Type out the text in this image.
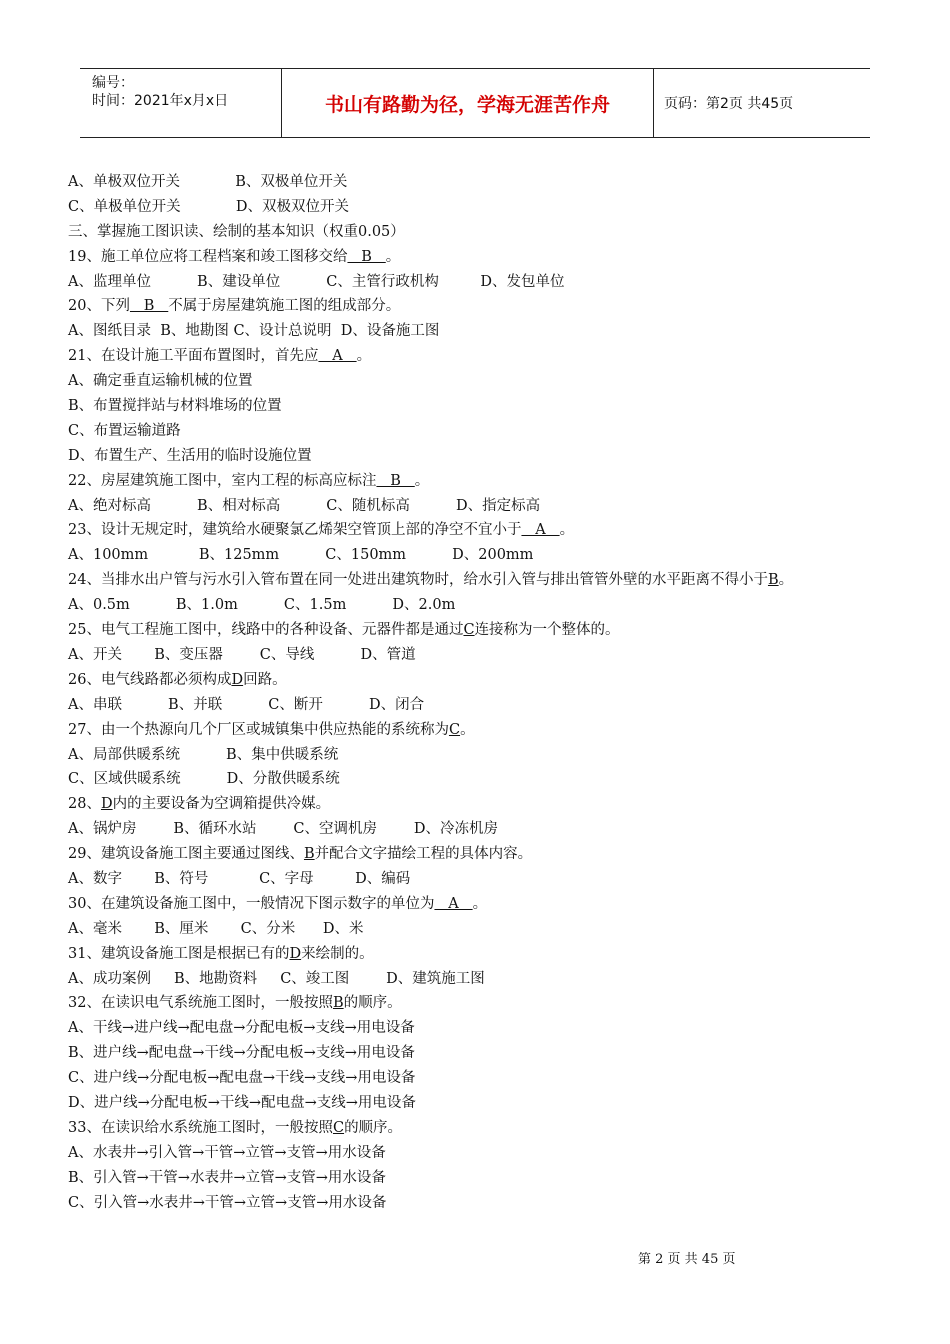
编号：
时间：2021年x月x日	书山有路勤为径，学海无涯苦作舟	页码：第2页 共45页
A、单极双位开关            B、双极单位开关
C、单极单位开关            D、双极双位开关
三、掌握施工图识读、绘制的基本知识（权重0.05）
19、施工单位应将工程档案和竣工图移交给   B   。
A、监理单位          B、建设单位          C、主管行政机构         D、发包单位
20、下列   B   不属于房屋建筑施工图的组成部分。
A、图纸目录  B、地勘图 C、设计总说明  D、设备施工图
21、在设计施工平面布置图时，首先应   A   。
A、确定垂直运输机械的位置
B、布置搅拌站与材料堆场的位置
C、布置运输道路
D、布置生产、生活用的临时设施位置
22、房屋建筑施工图中，室内工程的标高应标注   B   。
A、绝对标高          B、相对标高          C、随机标高          D、指定标高
23、设计无规定时，建筑给水硬聚氯乙烯架空管顶上部的净空不宜小于   A   。
A、100mm           B、125mm          C、150mm          D、200mm
24、当排水出户管与污水引入管布置在同一处进出建筑物时，给水引入管与排出管管外壁的水平距离不得小于B。
A、0.5m          B、1.0m          C、1.5m          D、2.0m
25、电气工程施工图中，线路中的各种设备、元器件都是通过C连接称为一个整体的。
A、开关       B、变压器        C、导线          D、管道
26、电气线路都必须构成D回路。
A、串联          B、并联          C、断开          D、闭合
27、由一个热源向几个厂区或城镇集中供应热能的系统称为C。
A、局部供暖系统          B、集中供暖系统
C、区域供暖系统          D、分散供暖系统
28、D内的主要设备为空调箱提供冷媒。
A、锅炉房        B、循环水站        C、空调机房        D、冷冻机房
29、建筑设备施工图主要通过图线、B并配合文字描绘工程的具体内容。
A、数字       B、符号           C、字母         D、编码
30、在建筑设备施工图中，一般情况下图示数字的单位为   A   。
A、毫米       B、厘米       C、分米      D、米
31、建筑设备施工图是根据已有的D来绘制的。
A、成功案例     B、地勘资料     C、竣工图        D、建筑施工图
32、在读识电气系统施工图时，一般按照B的顺序。
A、干线→进户线→配电盘→分配电板→支线→用电设备
B、进户线→配电盘→干线→分配电板→支线→用电设备
C、进户线→分配电板→配电盘→干线→支线→用电设备
D、进户线→分配电板→干线→配电盘→支线→用电设备
33、在读识给水系统施工图时，一般按照C的顺序。
A、水表井→引入管→干管→立管→支管→用水设备
B、引入管→干管→水表井→立管→支管→用水设备
C、引入管→水表井→干管→立管→支管→用水设备
第 2 页 共 45 页
